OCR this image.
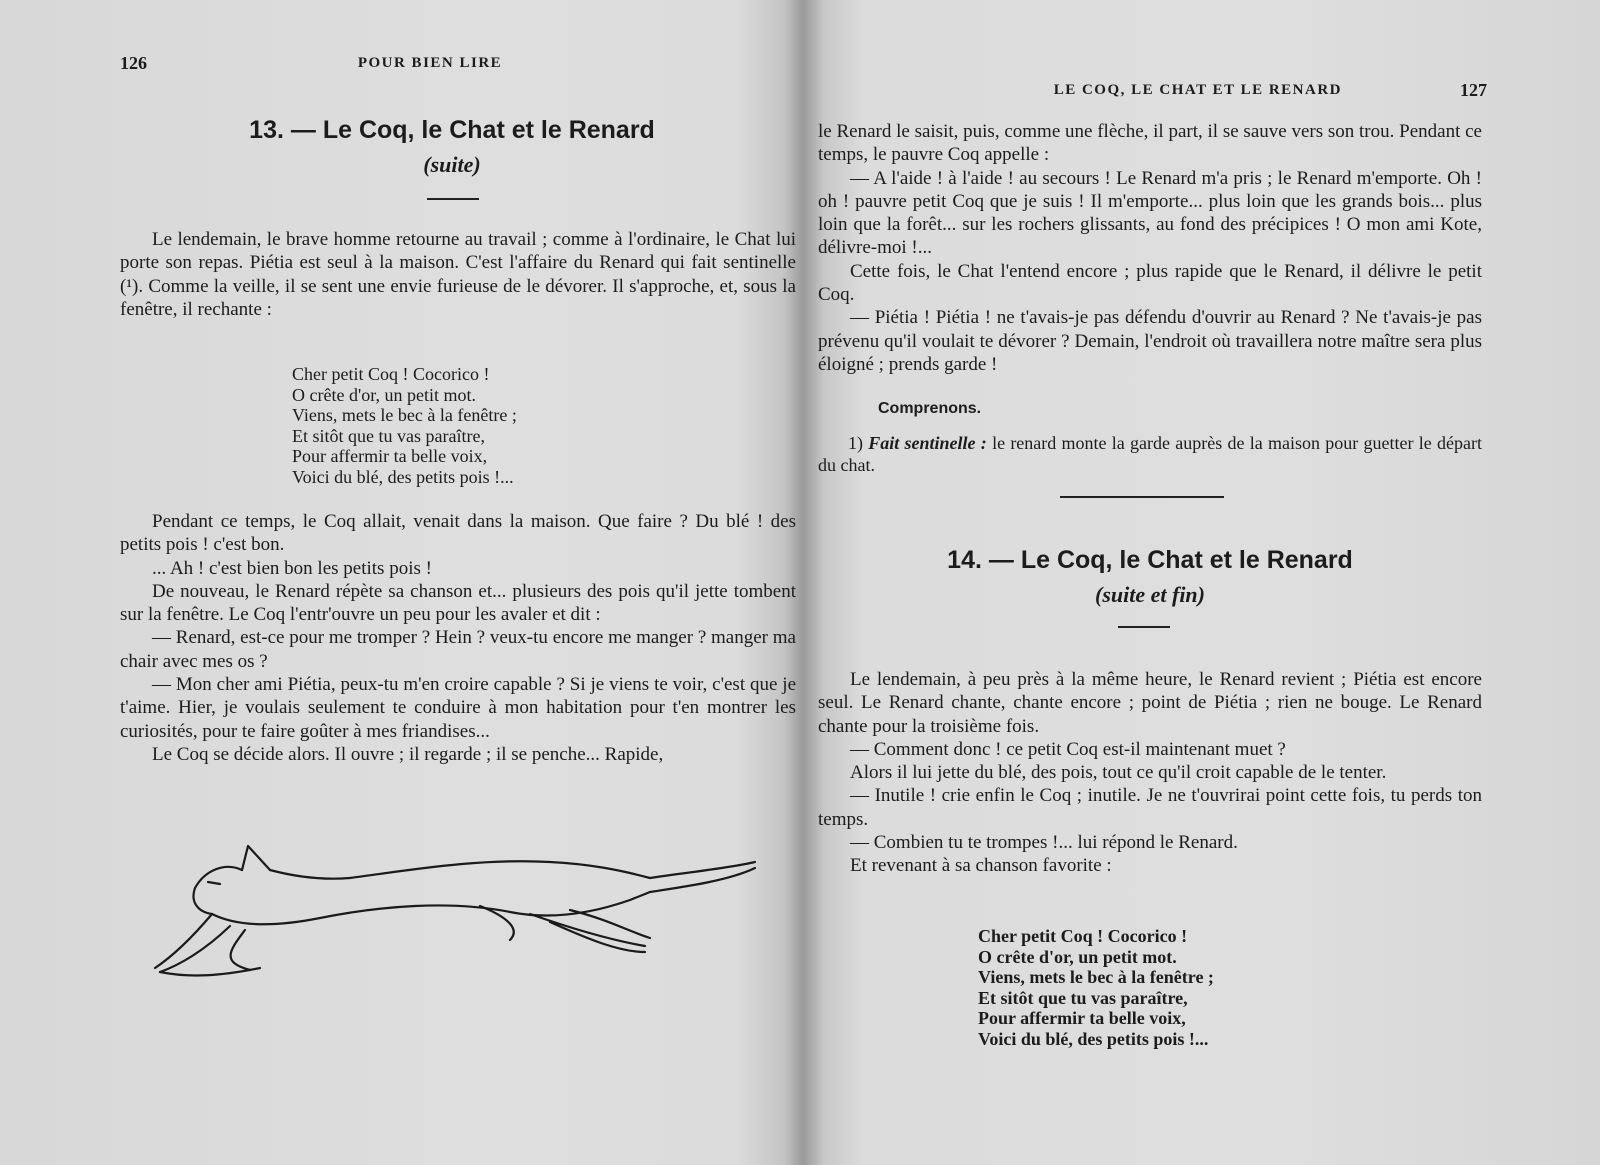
126	POUR BIEN LIRE
13. — Le Coq, le Chat et le Renard
(suite)

Le lendemain, le brave homme retourne au travail ; comme à l'ordinaire, le Chat lui porte son repas. Piétia est seul à la maison. C'est l'affaire du Renard qui fait sentinelle (¹). Comme la veille, il se sent une envie furieuse de le dévorer. Il s'approche, et, sous la fenêtre, il rechante :

Cher petit Coq ! Cocorico !
O crête d'or, un petit mot.
Viens, mets le bec à la fenêtre ;
Et sitôt que tu vas paraître,
Pour affermir ta belle voix,
Voici du blé, des petits pois !...

Pendant ce temps, le Coq allait, venait dans la maison. Que faire ? Du blé ! des petits pois ! c'est bon.

... Ah ! c'est bien bon les petits pois !

De nouveau, le Renard répète sa chanson et... plusieurs des pois qu'il jette tombent sur la fenêtre. Le Coq l'entr'ouvre un peu pour les avaler et dit :

— Renard, est-ce pour me tromper ? Hein ? veux-tu encore me manger ? manger ma chair avec mes os ?

— Mon cher ami Piétia, peux-tu m'en croire capable ? Si je viens te voir, c'est que je t'aime. Hier, je voulais seulement te conduire à mon habitation pour t'en montrer les curiosités, pour te faire goûter à mes friandises...

Le Coq se décide alors. Il ouvre ; il regarde ; il se penche... Rapide,

LE COQ, LE CHAT ET LE RENARD	127

le Renard le saisit, puis, comme une flèche, il part, il se sauve vers son trou. Pendant ce temps, le pauvre Coq appelle :

— A l'aide ! à l'aide ! au secours ! Le Renard m'a pris ; le Renard m'emporte. Oh ! oh ! pauvre petit Coq que je suis ! Il m'emporte... plus loin que les grands bois... plus loin que la forêt... sur les rochers glissants, au fond des précipices ! O mon ami Kote, délivre-moi !...

Cette fois, le Chat l'entend encore ; plus rapide que le Renard, il délivre le petit Coq.

— Piétia ! Piétia ! ne t'avais-je pas défendu d'ouvrir au Renard ? Ne t'avais-je pas prévenu qu'il voulait te dévorer ? Demain, l'endroit où travaillera notre maître sera plus éloigné ; prends garde !

Comprenons.

1) Fait sentinelle : le renard monte la garde auprès de la maison pour guetter le départ du chat.

14. — Le Coq, le Chat et le Renard
(suite et fin)

Le lendemain, à peu près à la même heure, le Renard revient ; Piétia est encore seul. Le Renard chante, chante encore ; point de Piétia ; rien ne bouge. Le Renard chante pour la troisième fois.

— Comment donc ! ce petit Coq est-il maintenant muet ?

Alors il lui jette du blé, des pois, tout ce qu'il croit capable de le tenter.

— Inutile ! crie enfin le Coq ; inutile. Je ne t'ouvrirai point cette fois, tu perds ton temps.

— Combien tu te trompes !... lui répond le Renard.

Et revenant à sa chanson favorite :

Cher petit Coq ! Cocorico !
O crête d'or, un petit mot.
Viens, mets le bec à la fenêtre ;
Et sitôt que tu vas paraître,
Pour affermir ta belle voix,
Voici du blé, des petits pois !...
